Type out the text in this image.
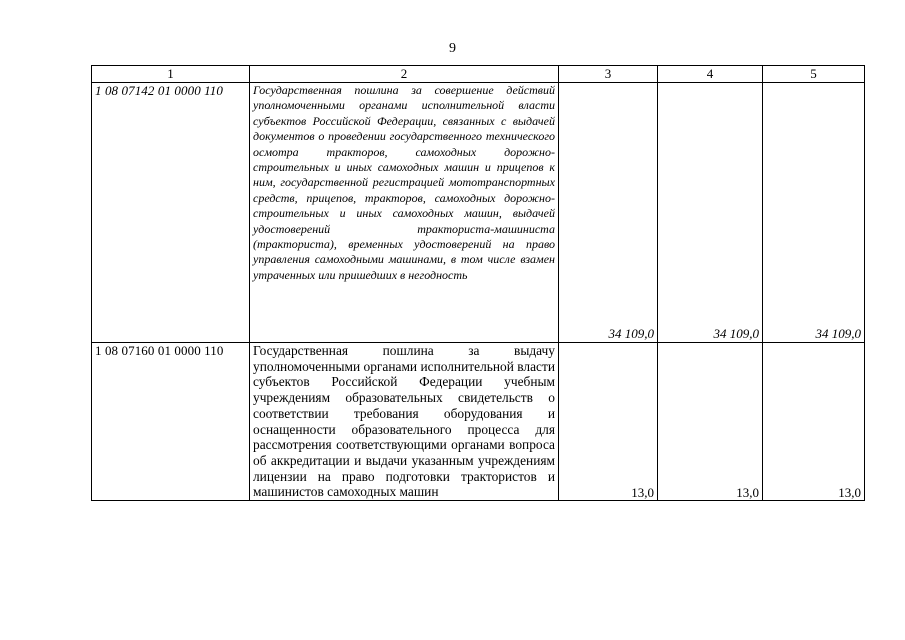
9
1	2	3	4	5
1 08 07142 01 0000 110	Государственная пошлина за совершение действий уполномоченными органами исполнительной власти субъектов Российской Федерации, связанных с выдачей документов о проведении государственного технического осмотра тракторов, самоходных дорожно-строительных и иных самоходных машин и прицепов к ним, государственной регистрацией мототранспортных средств, прицепов, тракторов, самоходных дорожно-строительных и иных самоходных машин, выдачей удостоверений тракториста-машиниста (тракториста), временных удостоверений на право управления самоходными машинами, в том числе взамен утраченных или пришедших в негодность	34 109,0	34 109,0	34 109,0
1 08 07160 01 0000 110	Государственная пошлина за выдачу уполномоченными органами исполнительной власти субъектов Российской Федерации учебным учреждениям образовательных свидетельств о соответствии требования оборудования и оснащенности образовательного процесса для рассмотрения соответствующими органами вопроса об аккредитации и выдачи указанным учреждениям лицензии на право подготовки трактористов и машинистов самоходных машин	13,0	13,0	13,0
